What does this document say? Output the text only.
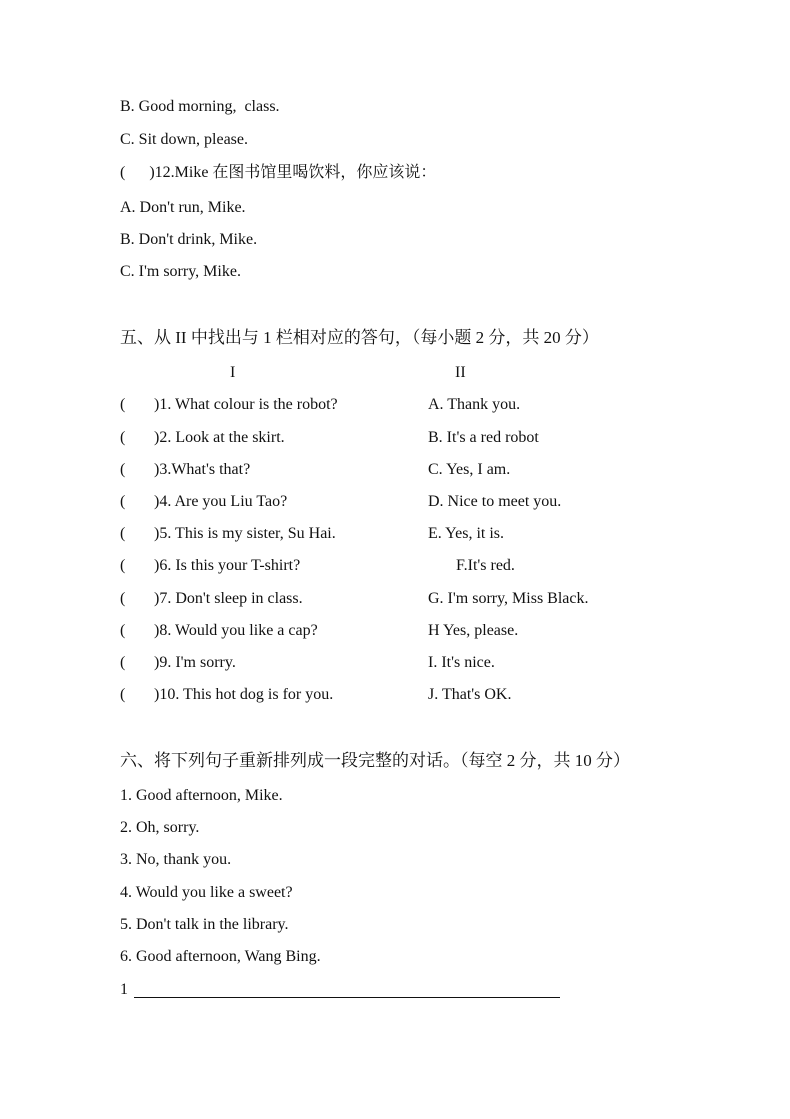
B. Good morning,  class.
C. Sit down, please.
(      )12.Mike 在图书馆里喝饮料，你应该说：
A. Don't run, Mike.
B. Don't drink, Mike.
C. I'm sorry, Mike.
五、从 II 中找出与 1 栏相对应的答句，（每小题 2 分，共 20 分）
I	II
( )1. What colour is the robot?	A. Thank you.
( )2. Look at the skirt.	B. It's a red robot
( )3.What's that?	C. Yes, I am.
( )4. Are you Liu Tao?	D. Nice to meet you.
( )5. This is my sister, Su Hai.	E. Yes, it is.
( )6. Is this your T-shirt?	F.It's red.
( )7. Don't sleep in class.	G. I'm sorry, Miss Black.
( )8. Would you like a cap?	H Yes, please.
( )9. I'm sorry.	I. It's nice.
( )10. This hot dog is for you.	J. That's OK.
六、将下列句子重新排列成一段完整的对话。（每空 2 分，共 10 分）
1. Good afternoon, Mike.
2. Oh, sorry.
3. No, thank you.
4. Would you like a sweet?
5. Don't talk in the library.
6. Good afternoon, Wang Bing.
1
